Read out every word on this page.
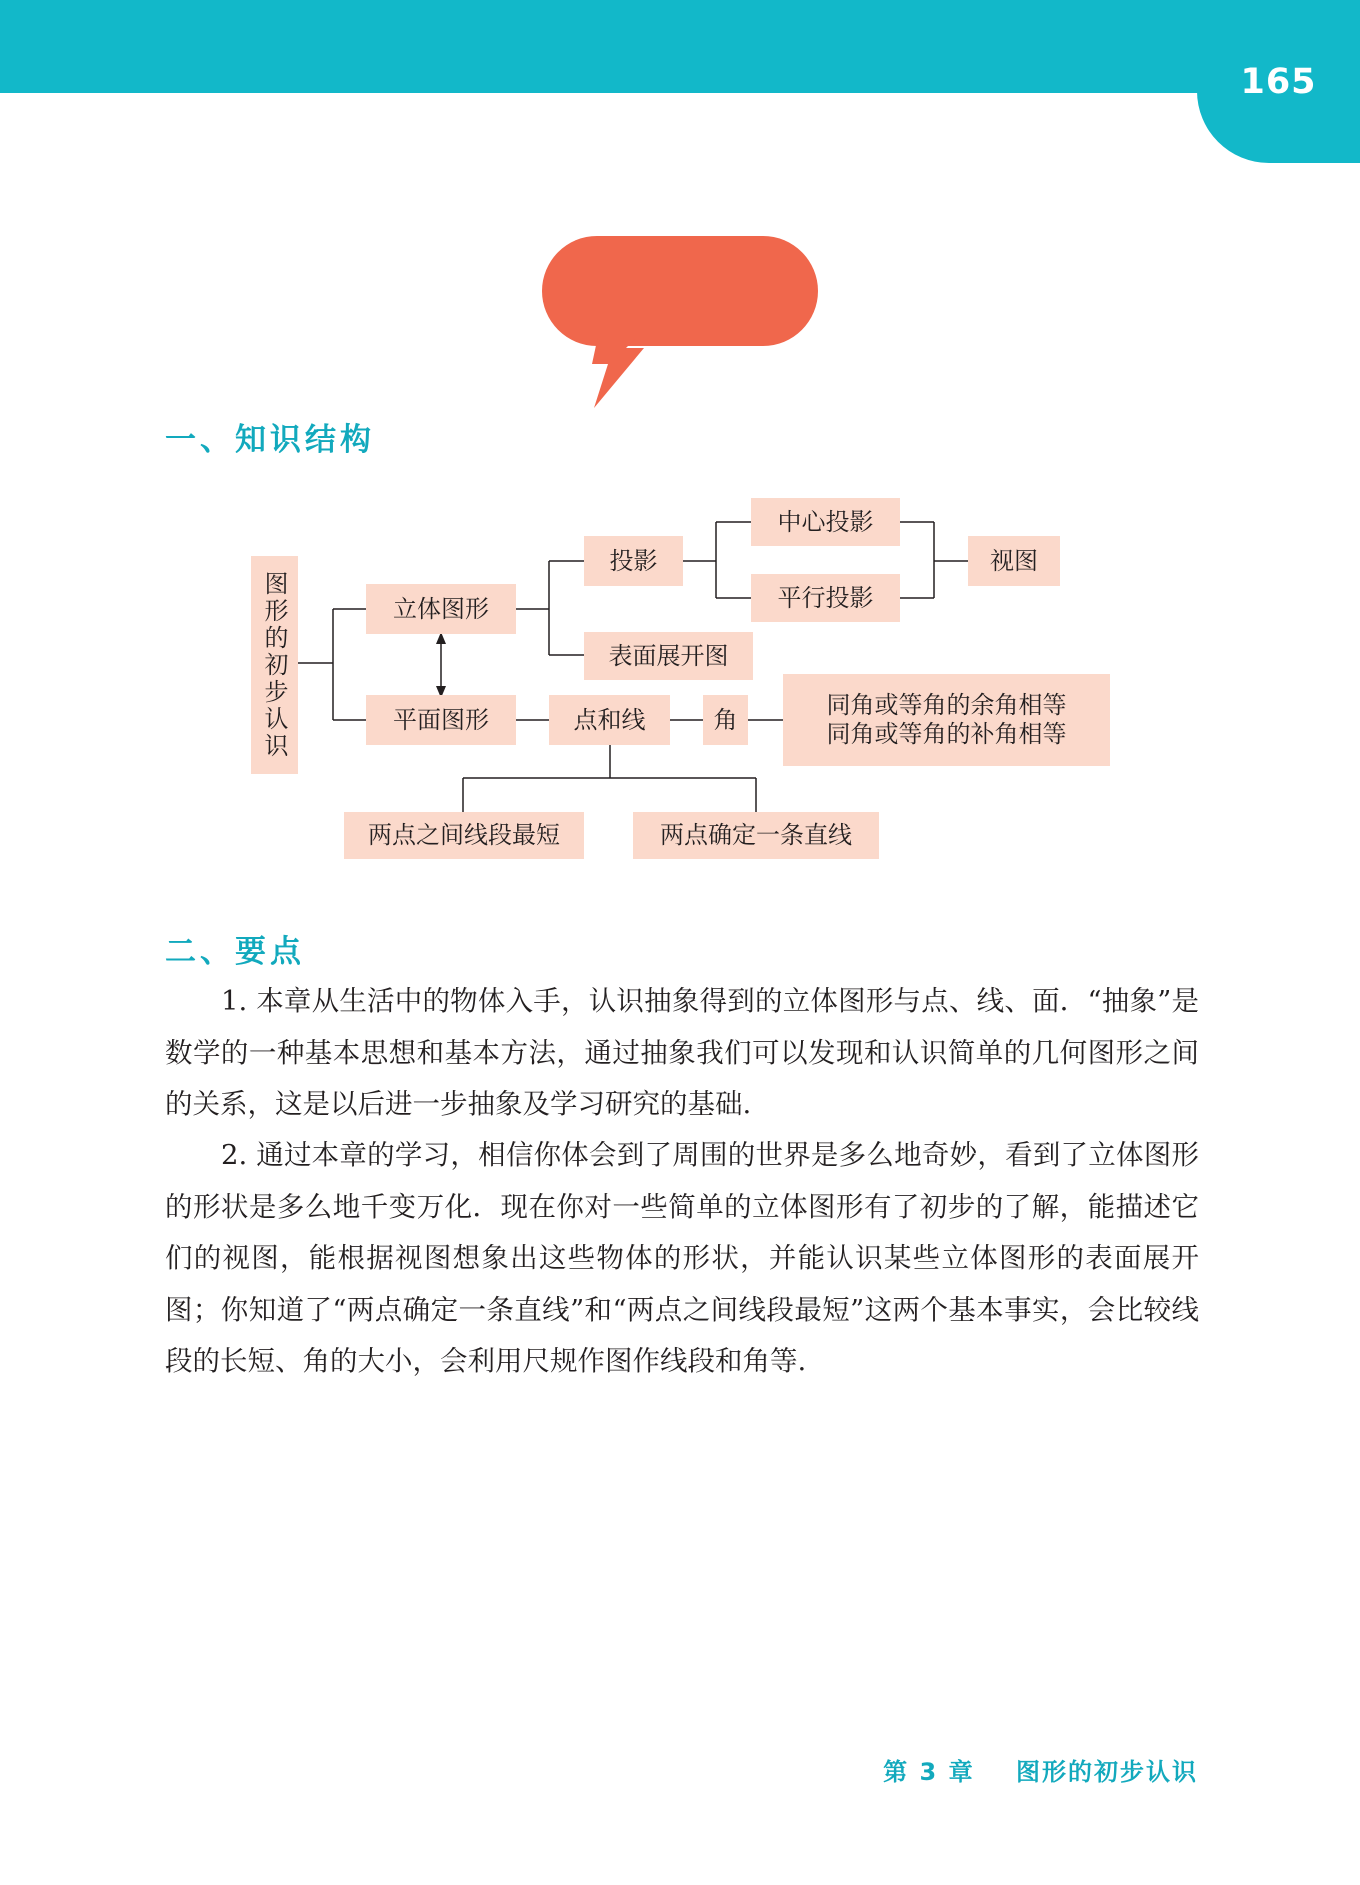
165
一、知识结构
图形的初步认识	立体图形
平面图形
投影
中心投影
平行投影
视图
表面展开图
点和线	角
同角或等角的余角相等
同角或等角的补角相等
两点之间线段最短	两点确定一条直线
二、要点

1. 本章从生活中的物体入手，认识抽象得到的立体图形与点、线、面．“抽象”是数学的一种基本思想和基本方法，通过抽象我们可以发现和认识简单的几何图形之间的关系，这是以后进一步抽象及学习研究的基础.

2. 通过本章的学习，相信你体会到了周围的世界是多么地奇妙，看到了立体图形的形状是多么地千变万化．现在你对一些简单的立体图形有了初步的了解，能描述它们的视图，能根据视图想象出这些物体的形状，并能认识某些立体图形的表面展开图；你知道了“两点确定一条直线”和“两点之间线段最短”这两个基本事实，会比较线段的长短、角的大小，会利用尺规作图作线段和角等.

第 3 章 图形的初步认识
